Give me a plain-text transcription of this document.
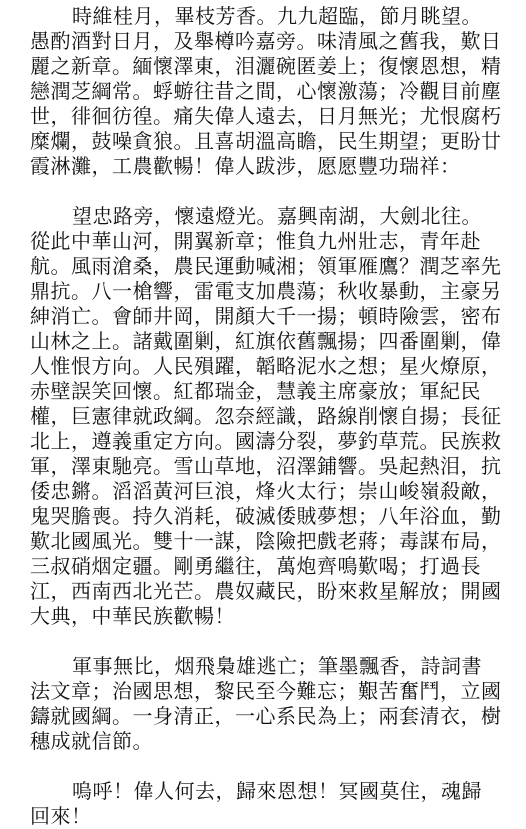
時維桂月，畢枝芳香。九九超臨，節月眺望。愚酌酒對日月，及舉樽吟嘉旁。味清風之舊我，歎日麗之新章。緬懷澤東，泪灑碗匿姜上；復懷恩想，精戀潤芝綱常。蜉蝣往昔之間，心懷激蕩；冷觀目前塵世，徘徊彷徨。痛失偉人遠去，日月無光；尤恨腐朽糜爛，鼓噪貪狼。且喜胡溫高瞻，民生期望；更盼廿霞淋灘，工農歡暢！偉人跋涉，愿愿豐功瑞祥：

望忠路旁，懷遠燈光。嘉興南湖，大劍北往。從此中華山河，開翼新章；惟負九州壯志，青年赴航。風雨滄桑，農民運動喊湘；領軍雁鷹？潤芝率先鼎抗。八一槍響，雷電支加農蕩；秋收暴動，主豪另紳消亡。會師井岡，開顏大千一揚；頓時險雲，密布山林之上。諸戴圍剿，紅旗依舊飄揚；四番圍剿，偉人惟恨方向。人民殞躍，韜略泥水之想；星火燎原，赤壁誤笑回懷。紅都瑞金，慧義主席豪放；軍紀民權，巨憲律就政綱。忽奈經識，路線削懷自揚；長征北上，遵義重定方向。國濤分裂，夢釣草荒。民族救軍，澤東馳亮。雪山草地，沼澤鋪響。吳起熱泪，抗倭忠鏘。滔滔黃河巨浪，烽火太行；崇山峻嶺殺敵，鬼哭膽喪。持久消耗，破滅倭賊夢想；八年浴血，勤歎北國風光。雙十一謀，陰險把戲老蔣；毒謀布局，三叔硝烟定疆。剛勇繼往，萬炮齊鳴歎喝；打過長江，西南西北光芒。農奴藏民，盼來救星解放；開國大典，中華民族歡暢！

軍事無比，烟飛梟雄逃亡；筆墨飄香，詩詞書法文章；治國思想，黎民至今難忘；艱苦奮鬥，立國鑄就國綱。一身清正，一心系民為上；兩套清衣，樹穗成就信節。

嗚呼！偉人何去，歸來恩想！冥國莫住，魂歸回來！
